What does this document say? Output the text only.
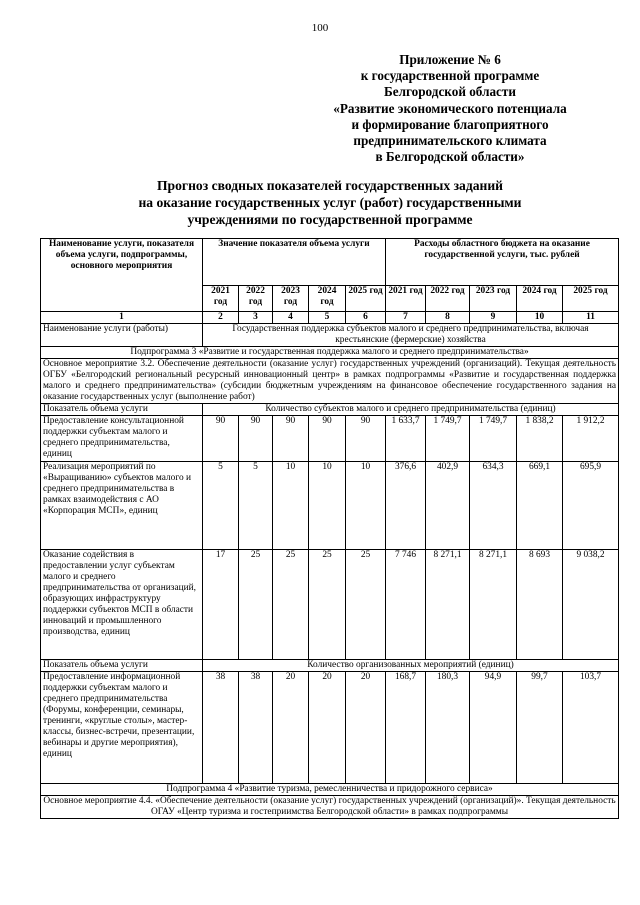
100
Приложение № 6
к государственной программе
Белгородской области
«Развитие экономического потенциала
и формирование благоприятного
предпринимательского климата
в Белгородской области»
Прогноз сводных показателей государственных заданий
на оказание государственных услуг (работ) государственными
учреждениями по государственной программе
Наименование услуги, показателя объема услуги, подпрограммы, основного мероприятия	Значение показателя объема услуги					Расходы областного бюджета на оказание государственной услуги, тыс. рублей				
	2021 год	2022 год	2023 год	2024 год	2025 год	2021 год	2022 год	2023 год	2024 год	2025 год
1	2	3	4	5	6	7	8	9	10	11
Наименование услуги (работы)	Государственная поддержка субъектов малого и среднего предпринимательства, включая крестьянские (фермерские) хозяйства									
Подпрограмма 3 «Развитие и государственная поддержка малого и среднего предпринимательства»										
Основное мероприятие 3.2. Обеспечение деятельности (оказание услуг) государственных учреждений (организаций). Текущая деятельность ОГБУ «Белгородский региональный ресурсный инновационный центр» в рамках подпрограммы «Развитие и государственная поддержка малого и среднего предпринимательства» (субсидии бюджетным учреждениям на финансовое обеспечение государственного задания на оказание государственных услуг (выполнение работ)										
Показатель объема услуги	Количество субъектов малого и среднего предпринимательства (единиц)									
Предоставление консультационной поддержки субъектам малого и среднего предпринимательства, единиц	90	90	90	90	90	1 633,7	1 749,7	1 749,7	1 838,2	1 912,2
Реализация мероприятий по «Выращиванию» субъектов малого и среднего предпринимательства в рамках взаимодействия с АО «Корпорация МСП», единиц	5	5	10	10	10	376,6	402,9	634,3	669,1	695,9
Оказание содействия в предоставлении услуг субъектам малого и среднего предпринимательства от организаций, образующих инфраструктуру поддержки субъектов МСП в области инноваций и промышленного производства, единиц	17	25	25	25	25	7 746	8 271,1	8 271,1	8 693	9 038,2
Показатель объема услуги	Количество организованных мероприятий (единиц)									
Предоставление информационной поддержки субъектам малого и среднего предпринимательства (Форумы, конференции, семинары, тренинги, «круглые столы», мастер-классы, бизнес-встречи, презентации, вебинары и другие мероприятия), единиц	38	38	20	20	20	168,7	180,3	94,9	99,7	103,7
Подпрограмма 4 «Развитие туризма, ремесленничества и придорожного сервиса»										
Основное мероприятие 4.4. «Обеспечение деятельности (оказание услуг) государственных учреждений (организаций)». Текущая деятельность ОГАУ «Центр туризма и гостеприимства Белгородской области» в рамках подпрограммы										
